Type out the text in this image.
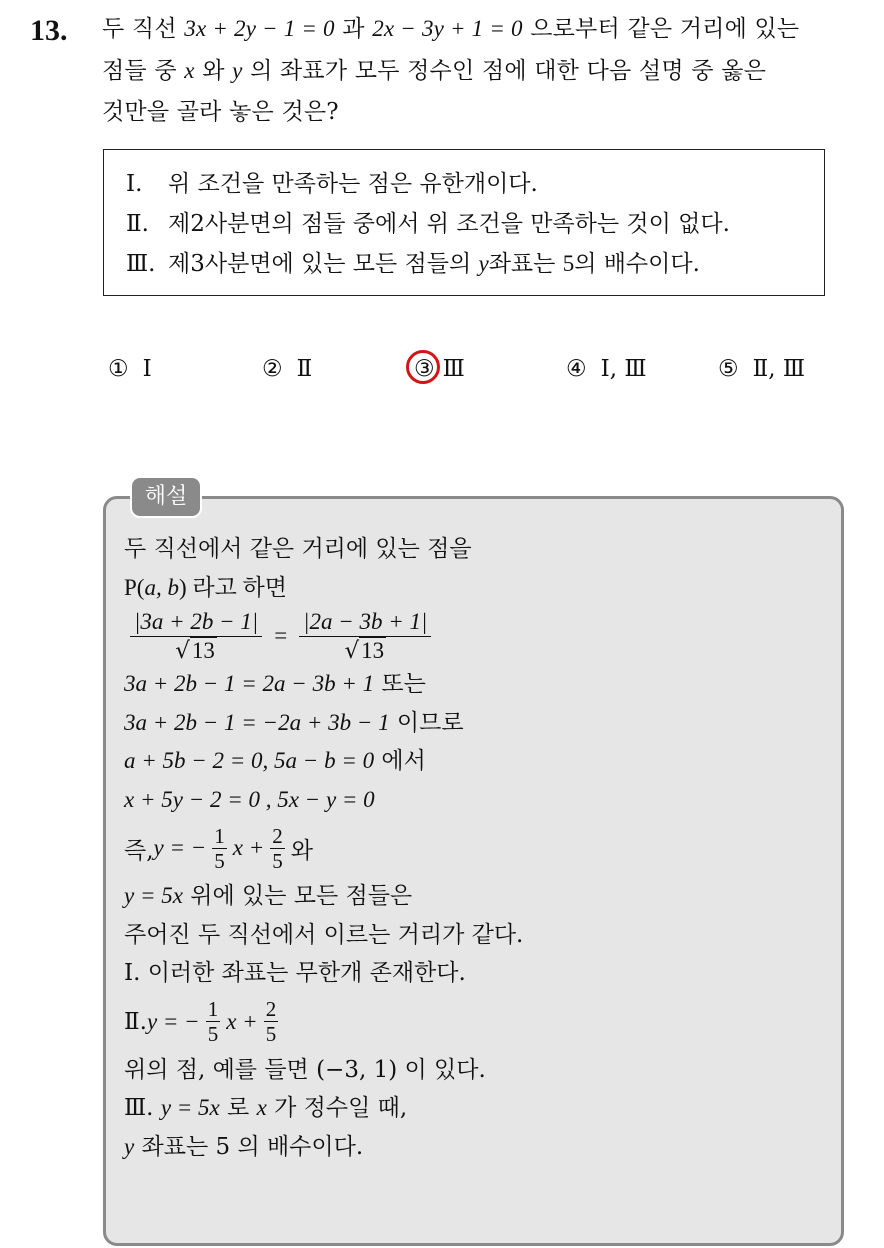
13. 두 직선 3x + 2y − 1 = 0 과 2x − 3y + 1 = 0 으로부터 같은 거리에 있는
점들 중 x 와 y 의 좌표가 모두 정수인 점에 대한 다음 설명 중 옳은
것만을 골라 놓은 것은?
Ⅰ. 위 조건을 만족하는 점은 유한개이다.
Ⅱ. 제2사분면의 점들 중에서 위 조건을 만족하는 것이 없다.
Ⅲ. 제3사분면에 있는 모든 점들의 y좌표는 5의 배수이다.
① Ⅰ	② Ⅱ	③ Ⅲ	④ Ⅰ, Ⅲ	⑤ Ⅱ, Ⅲ
해설
두 직선에서 같은 거리에 있는 점을
P(a, b) 라고 하면
$\frac{|3a + 2b - 1|}{√13} = \frac{|2a - 3b + 1|}{√13}$
3a + 2b − 1 = 2a − 3b + 1 또는
3a + 2b − 1 = −2a + 3b − 1 이므로
a + 5b − 2 = 0, 5a − b = 0 에서
x + 5y − 2 = 0 , 5x − y = 0
즉, y = − $\frac{1}{5}$ $x + \frac{2}{5}$ 와
y = 5x 위에 있는 모든 점들은
주어진 두 직선에서 이르는 거리가 같다.
Ⅰ. 이러한 좌표는 무한개 존재한다.
Ⅱ. y = − $\frac{1}{5}$ $x + \frac{2}{5}$
위의 점, 예를 들면 (−3, 1) 이 있다.
Ⅲ. y = 5x 로 x 가 정수일 때,
y 좌표는 5 의 배수이다.
